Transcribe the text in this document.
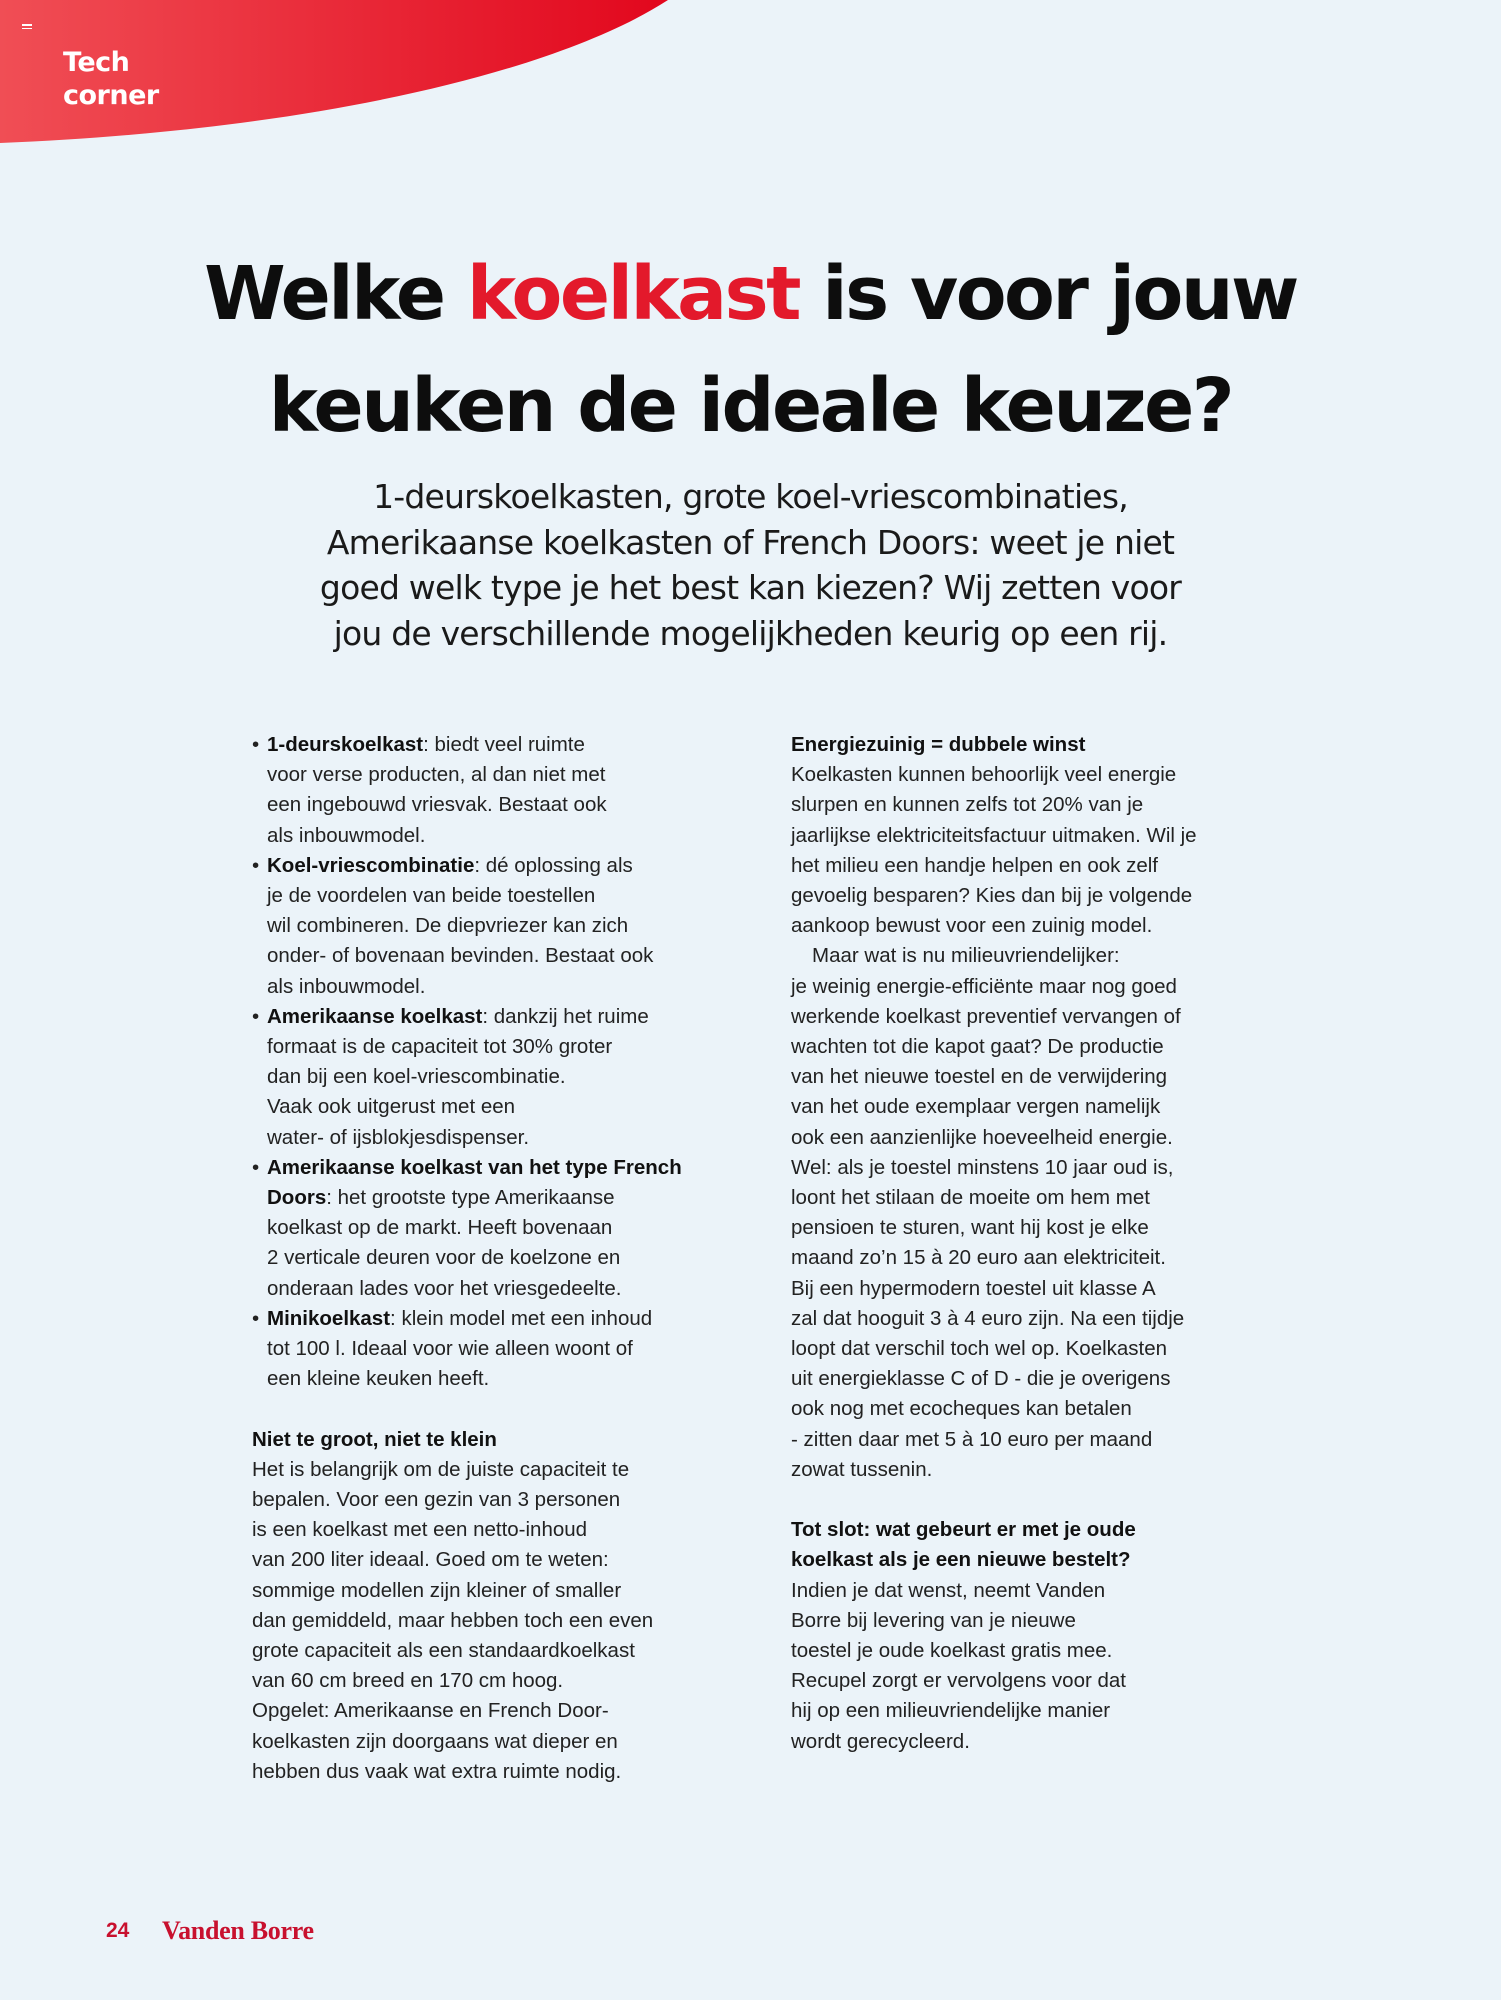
Tech
corner
Welke koelkast is voor jouw
keuken de ideale keuze?
1-deurskoelkasten, grote koel-vriescombinaties,
Amerikaanse koelkasten of French Doors: weet je niet
goed welk type je het best kan kiezen? Wij zetten voor
jou de verschillende mogelijkheden keurig op een rij.
• 1-deurskoelkast: biedt veel ruimte
voor verse producten, al dan niet met
een ingebouwd vriesvak. Bestaat ook
als inbouwmodel.
• Koel-vriescombinatie: dé oplossing als
je de voordelen van beide toestellen
wil combineren. De diepvriezer kan zich
onder- of bovenaan bevinden. Bestaat ook
als inbouwmodel.
• Amerikaanse koelkast: dankzij het ruime
formaat is de capaciteit tot 30% groter
dan bij een koel-vriescombinatie.
Vaak ook uitgerust met een
water- of ijsblokjesdispenser.
• Amerikaanse koelkast van het type French Doors: het grootste type Amerikaanse
koelkast op de markt. Heeft bovenaan
2 verticale deuren voor de koelzone en
onderaan lades voor het vriesgedeelte.
• Minikoelkast: klein model met een inhoud
tot 100 l. Ideaal voor wie alleen woont of
een kleine keuken heeft.
Niet te groot, niet te klein
Het is belangrijk om de juiste capaciteit te
bepalen. Voor een gezin van 3 personen
is een koelkast met een netto-inhoud
van 200 liter ideaal. Goed om te weten:
sommige modellen zijn kleiner of smaller
dan gemiddeld, maar hebben toch een even
grote capaciteit als een standaardkoelkast
van 60 cm breed en 170 cm hoog.
Opgelet: Amerikaanse en French Door-
koelkasten zijn doorgaans wat dieper en
hebben dus vaak wat extra ruimte nodig.
Energiezuinig = dubbele winst
Koelkasten kunnen behoorlijk veel energie
slurpen en kunnen zelfs tot 20% van je
jaarlijkse elektriciteitsfactuur uitmaken. Wil je
het milieu een handje helpen en ook zelf
gevoelig besparen? Kies dan bij je volgende
aankoop bewust voor een zuinig model.
Maar wat is nu milieuvriendelijker:
je weinig energie-efficiënte maar nog goed
werkende koelkast preventief vervangen of
wachten tot die kapot gaat? De productie
van het nieuwe toestel en de verwijdering
van het oude exemplaar vergen namelijk
ook een aanzienlijke hoeveelheid energie.
Wel: als je toestel minstens 10 jaar oud is,
loont het stilaan de moeite om hem met
pensioen te sturen, want hij kost je elke
maand zo’n 15 à 20 euro aan elektriciteit.
Bij een hypermodern toestel uit klasse A
zal dat hooguit 3 à 4 euro zijn. Na een tijdje
loopt dat verschil toch wel op. Koelkasten
uit energieklasse C of D - die je overigens
ook nog met ecocheques kan betalen
- zitten daar met 5 à 10 euro per maand
zowat tussenin.
Tot slot: wat gebeurt er met je oude
koelkast als je een nieuwe bestelt?
Indien je dat wenst, neemt Vanden
Borre bij levering van je nieuwe
toestel je oude koelkast gratis mee.
Recupel zorgt er vervolgens voor dat
hij op een milieuvriendelijke manier
wordt gerecycleerd.
24 Vanden Borre
